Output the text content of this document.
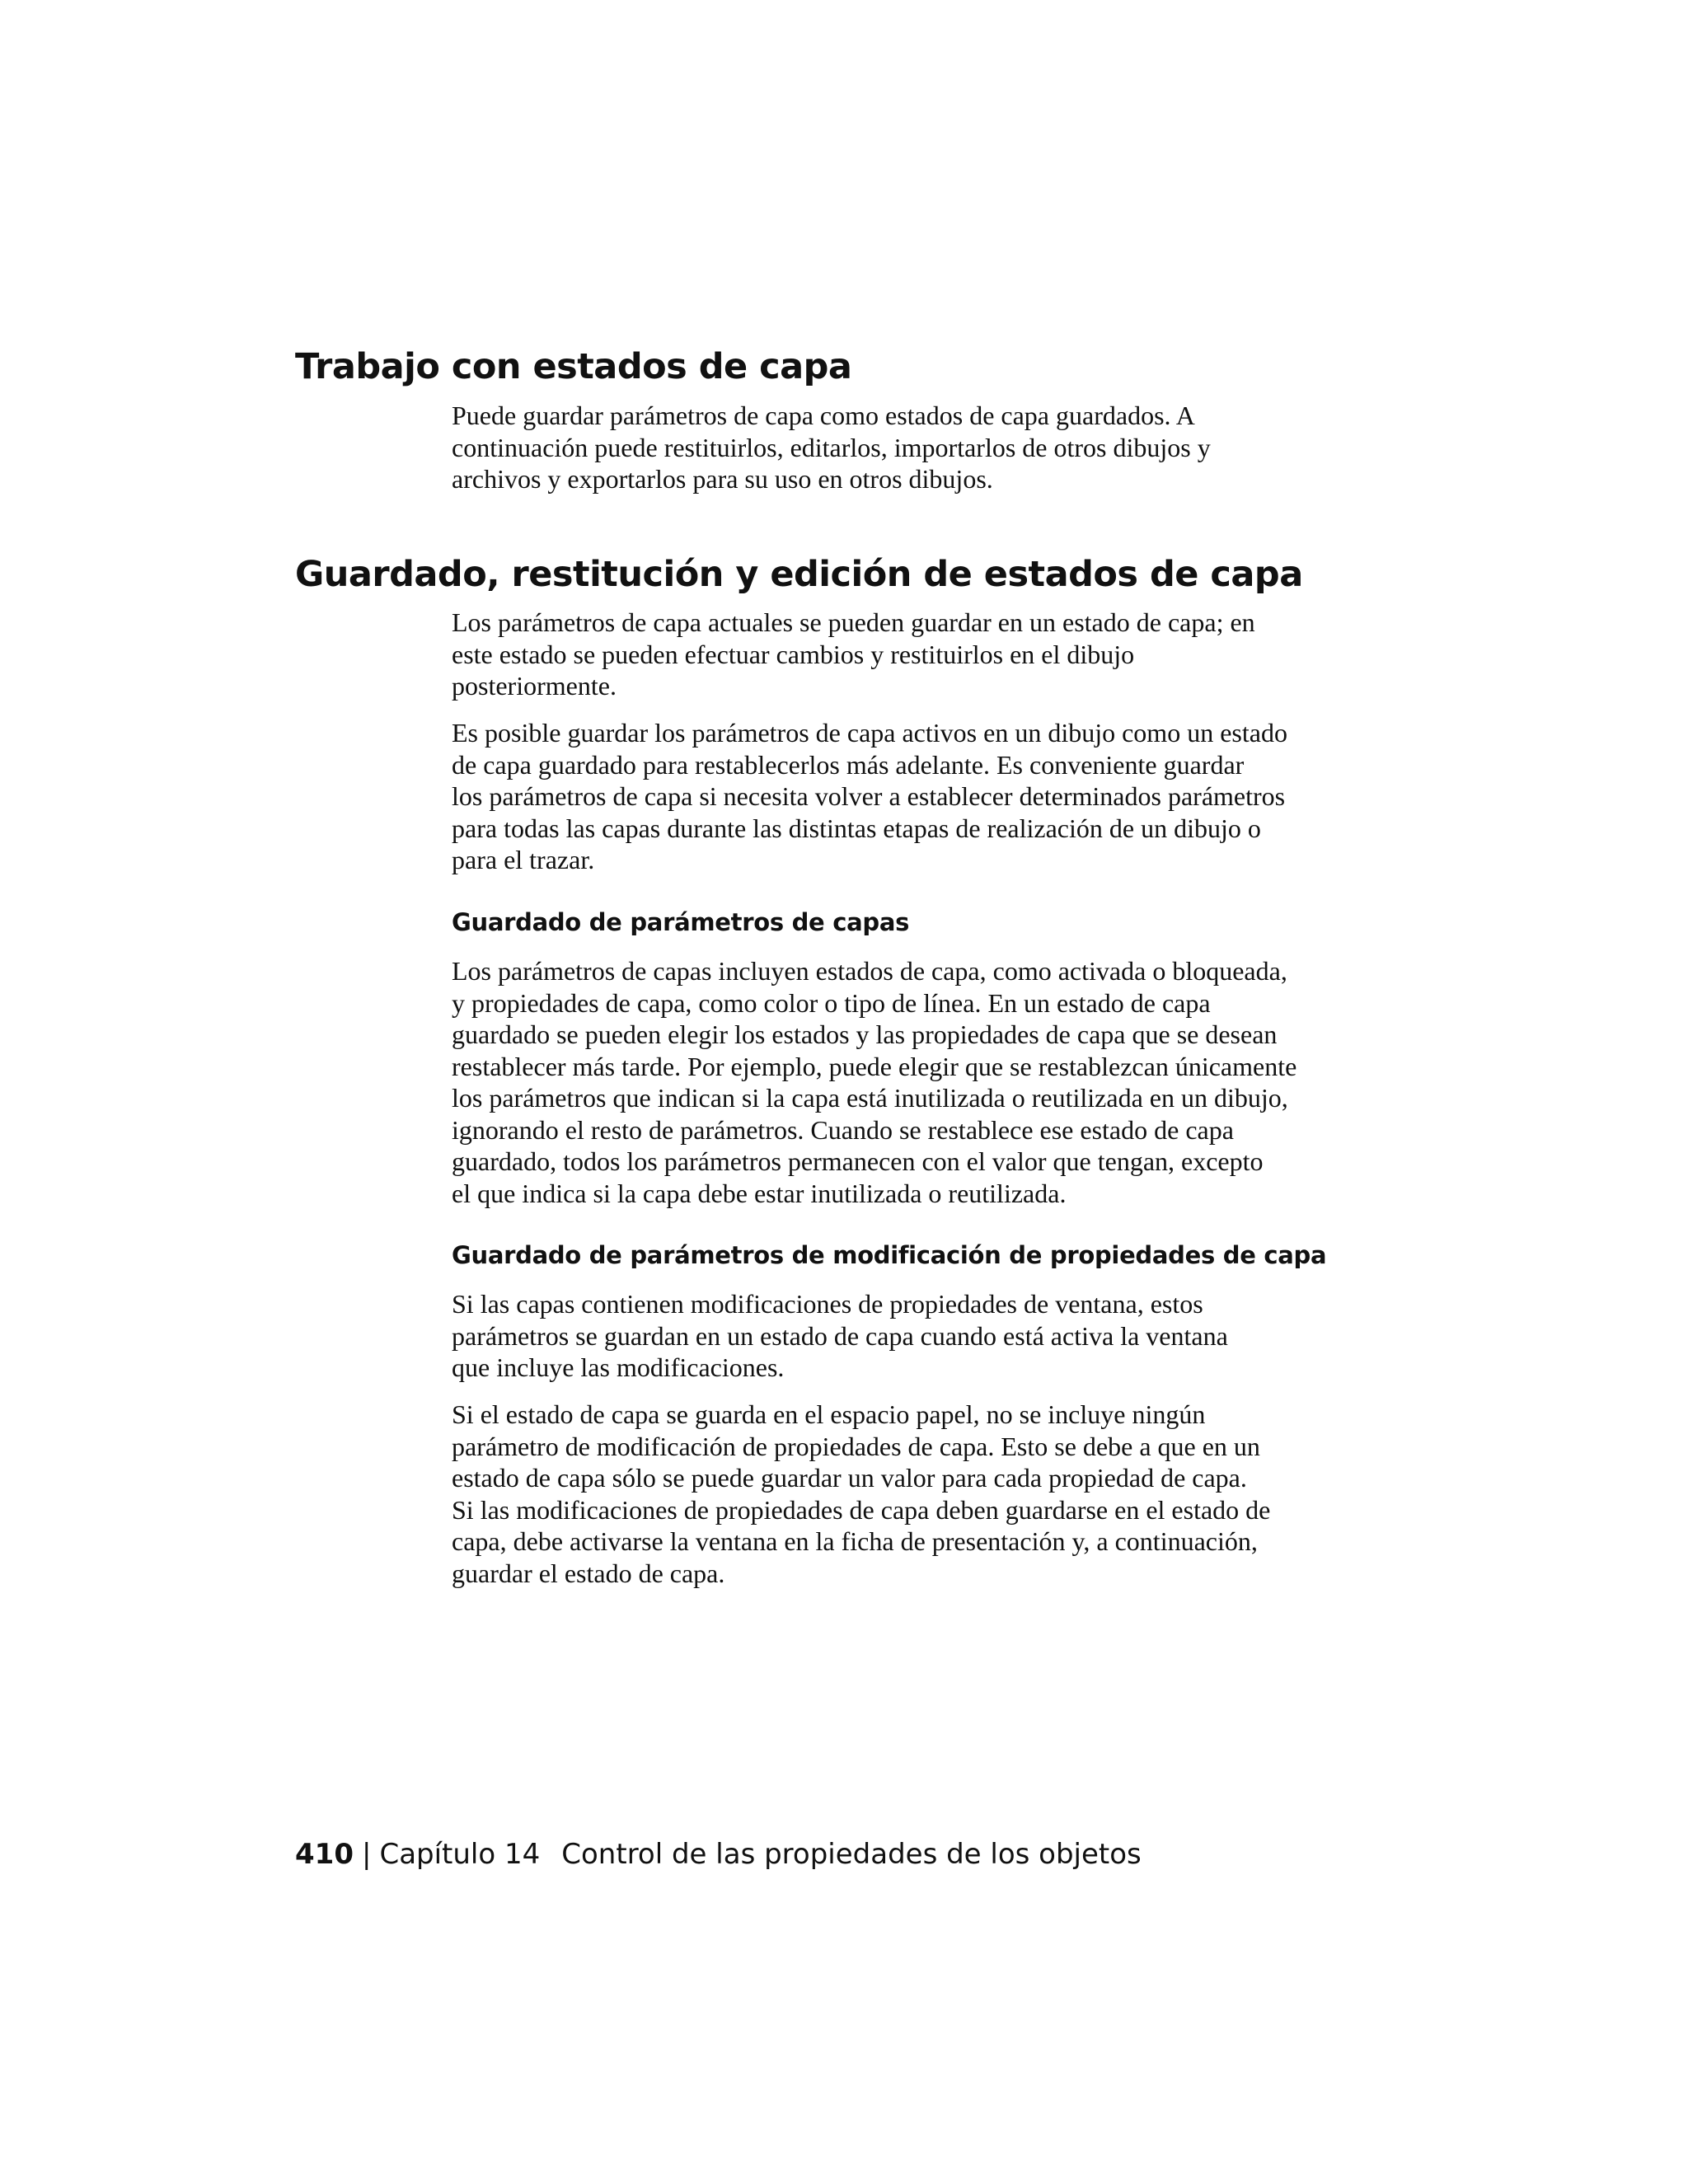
Trabajo con estados de capa

Puede guardar parámetros de capa como estados de capa guardados. A
continuación puede restituirlos, editarlos, importarlos de otros dibujos y
archivos y exportarlos para su uso en otros dibujos.

Guardado, restitución y edición de estados de capa

Los parámetros de capa actuales se pueden guardar en un estado de capa; en
este estado se pueden efectuar cambios y restituirlos en el dibujo
posteriormente.

Es posible guardar los parámetros de capa activos en un dibujo como un estado
de capa guardado para restablecerlos más adelante. Es conveniente guardar
los parámetros de capa si necesita volver a establecer determinados parámetros
para todas las capas durante las distintas etapas de realización de un dibujo o
para el trazar.

Guardado de parámetros de capas

Los parámetros de capas incluyen estados de capa, como activada o bloqueada,
y propiedades de capa, como color o tipo de línea. En un estado de capa
guardado se pueden elegir los estados y las propiedades de capa que se desean
restablecer más tarde. Por ejemplo, puede elegir que se restablezcan únicamente
los parámetros que indican si la capa está inutilizada o reutilizada en un dibujo,
ignorando el resto de parámetros. Cuando se restablece ese estado de capa
guardado, todos los parámetros permanecen con el valor que tengan, excepto
el que indica si la capa debe estar inutilizada o reutilizada.

Guardado de parámetros de modificación de propiedades de capa

Si las capas contienen modificaciones de propiedades de ventana, estos
parámetros se guardan en un estado de capa cuando está activa la ventana
que incluye las modificaciones.

Si el estado de capa se guarda en el espacio papel, no se incluye ningún
parámetro de modificación de propiedades de capa. Esto se debe a que en un
estado de capa sólo se puede guardar un valor para cada propiedad de capa.
Si las modificaciones de propiedades de capa deben guardarse en el estado de
capa, debe activarse la ventana en la ficha de presentación y, a continuación,
guardar el estado de capa.

410 | Capítulo 14 Control de las propiedades de los objetos
